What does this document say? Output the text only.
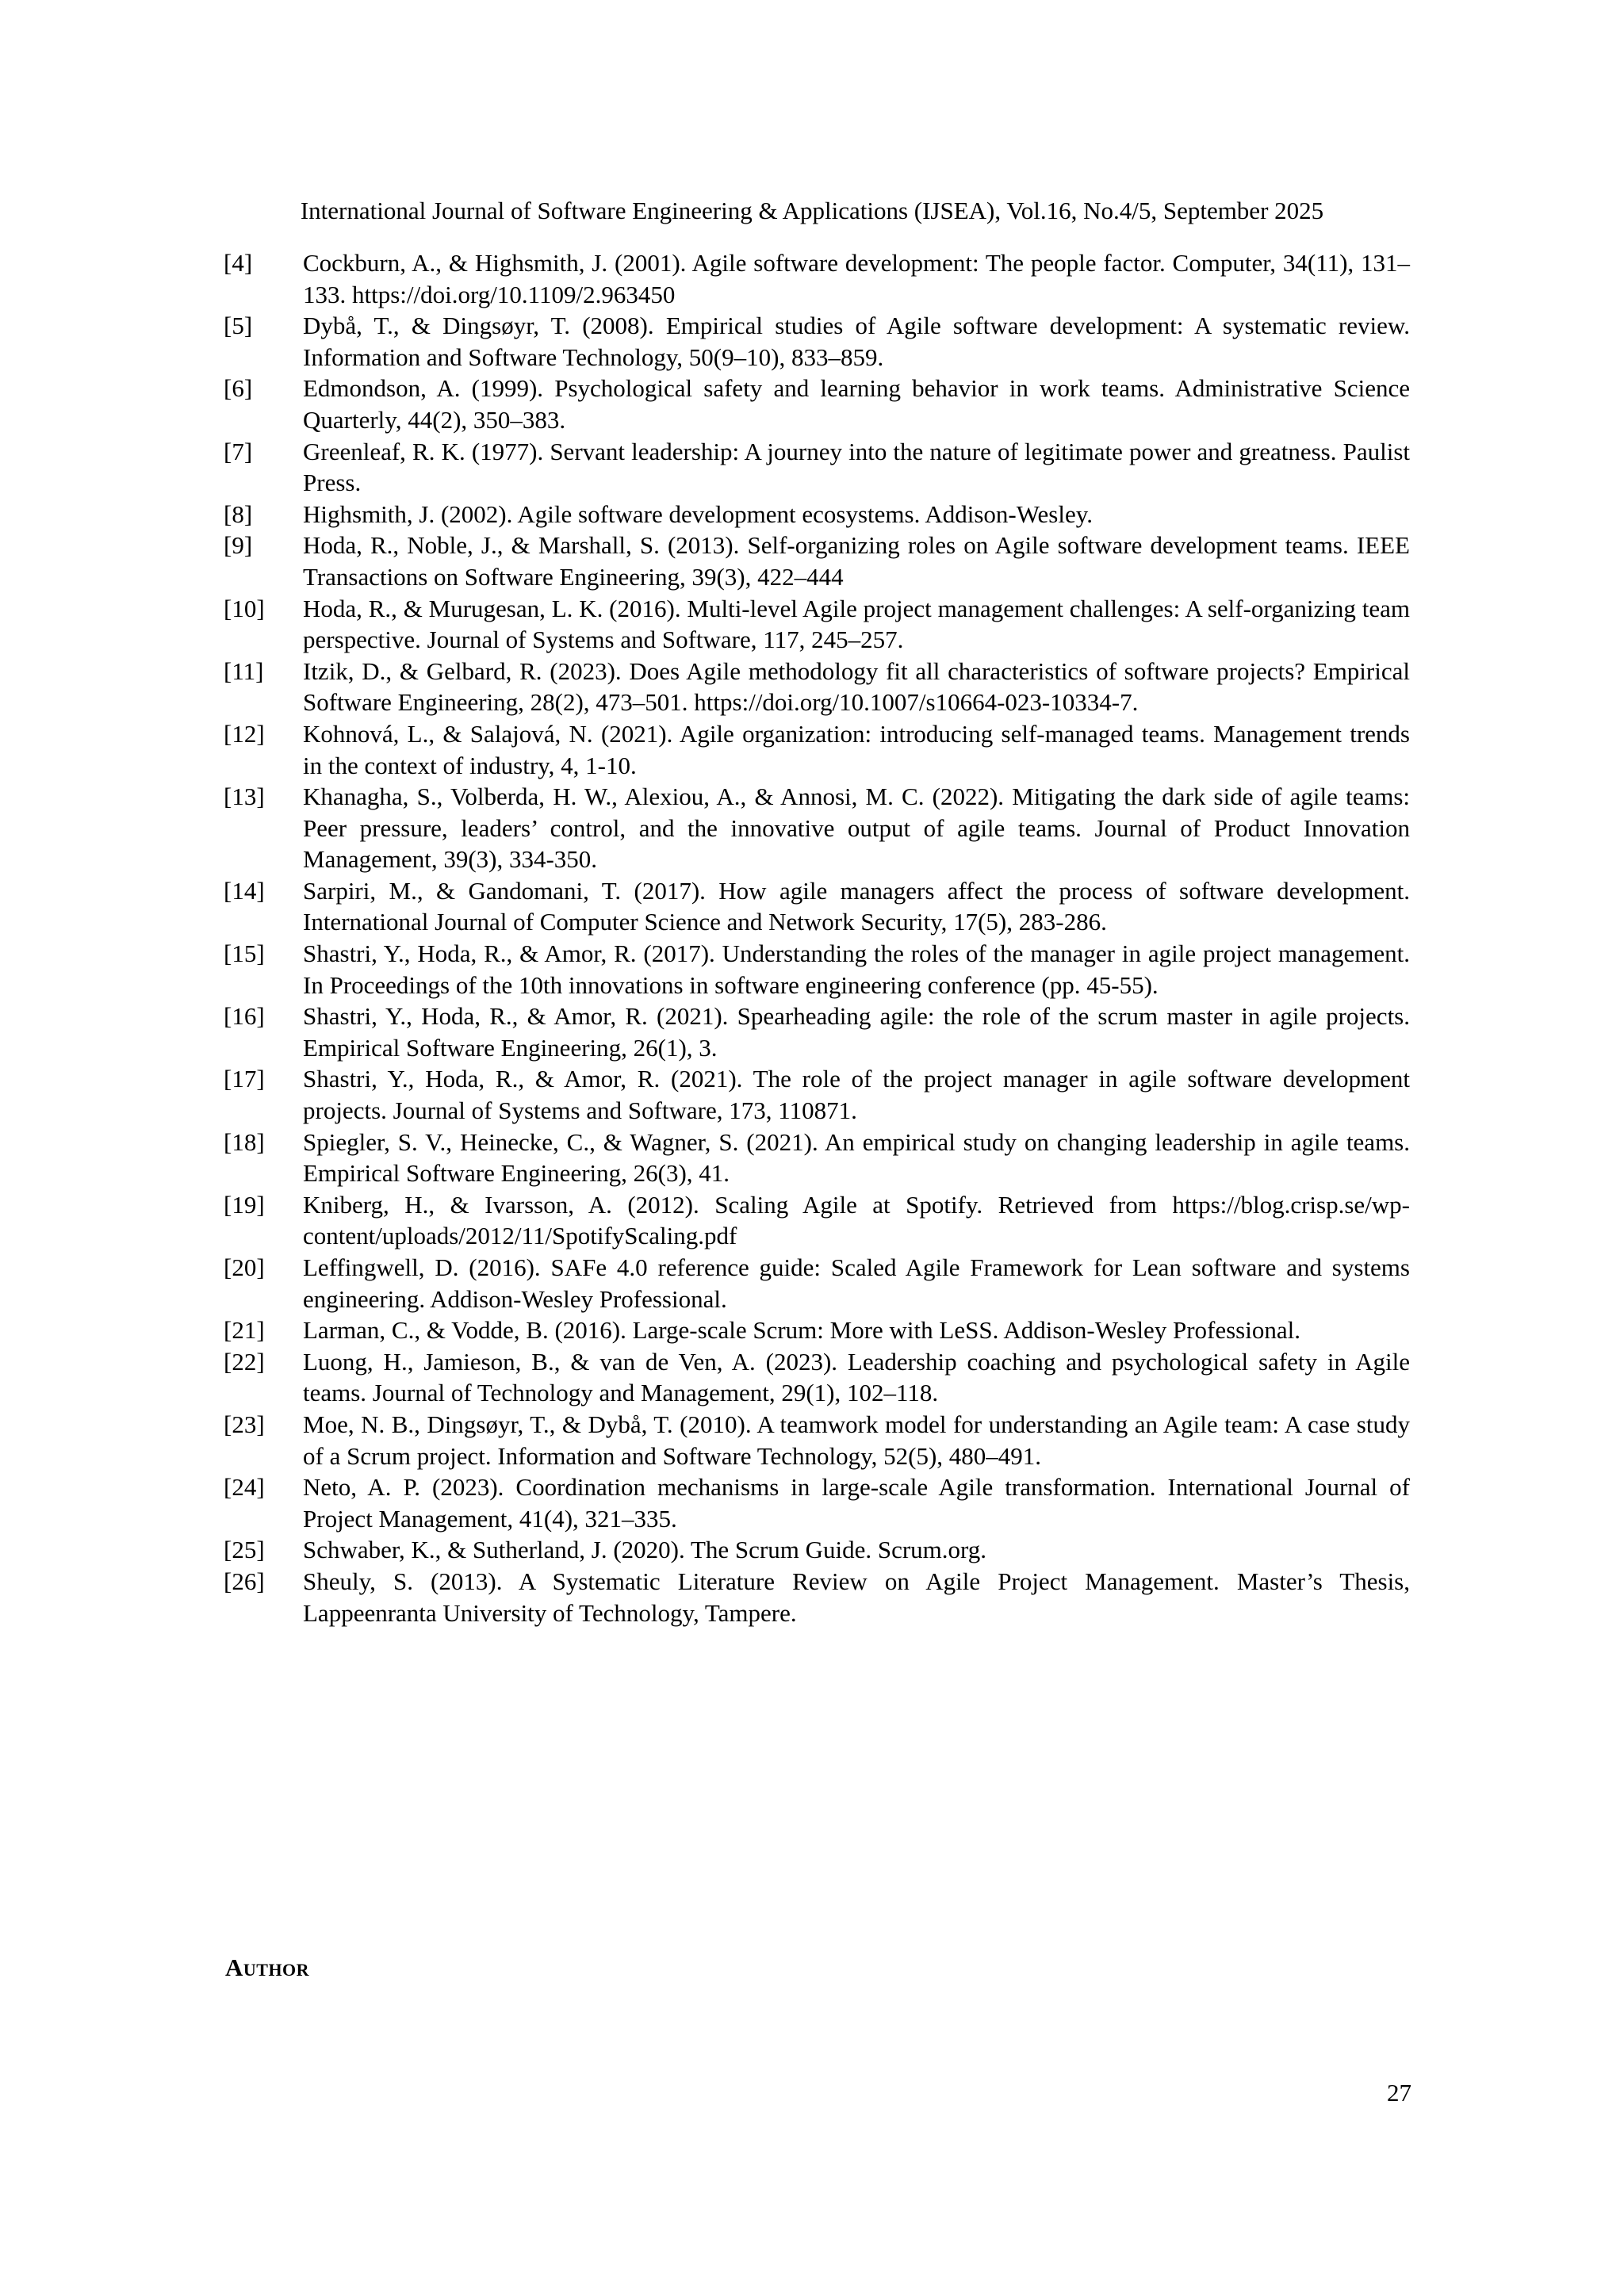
International Journal of Software Engineering & Applications (IJSEA), Vol.16, No.4/5, September 2025
[4] Cockburn, A., & Highsmith, J. (2001). Agile software development: The people factor. Computer, 34(11), 131–133. https://doi.org/10.1109/2.963450
[5] Dybå, T., & Dingsøyr, T. (2008). Empirical studies of Agile software development: A systematic review. Information and Software Technology, 50(9–10), 833–859.
[6] Edmondson, A. (1999). Psychological safety and learning behavior in work teams. Administrative Science Quarterly, 44(2), 350–383.
[7] Greenleaf, R. K. (1977). Servant leadership: A journey into the nature of legitimate power and greatness. Paulist Press.
[8] Highsmith, J. (2002). Agile software development ecosystems. Addison-Wesley.
[9] Hoda, R., Noble, J., & Marshall, S. (2013). Self-organizing roles on Agile software development teams. IEEE Transactions on Software Engineering, 39(3), 422–444
[10] Hoda, R., & Murugesan, L. K. (2016). Multi-level Agile project management challenges: A self-organizing team perspective. Journal of Systems and Software, 117, 245–257.
[11] Itzik, D., & Gelbard, R. (2023). Does Agile methodology fit all characteristics of software projects? Empirical Software Engineering, 28(2), 473–501. https://doi.org/10.1007/s10664-023-10334-7.
[12] Kohnová, L., & Salajová, N. (2021). Agile organization: introducing self-managed teams. Management trends in the context of industry, 4, 1-10.
[13] Khanagha, S., Volberda, H. W., Alexiou, A., & Annosi, M. C. (2022). Mitigating the dark side of agile teams: Peer pressure, leaders’ control, and the innovative output of agile teams. Journal of Product Innovation Management, 39(3), 334-350.
[14] Sarpiri, M., & Gandomani, T. (2017). How agile managers affect the process of software development. International Journal of Computer Science and Network Security, 17(5), 283-286.
[15] Shastri, Y., Hoda, R., & Amor, R. (2017). Understanding the roles of the manager in agile project management. In Proceedings of the 10th innovations in software engineering conference (pp. 45-55).
[16] Shastri, Y., Hoda, R., & Amor, R. (2021). Spearheading agile: the role of the scrum master in agile projects. Empirical Software Engineering, 26(1), 3.
[17] Shastri, Y., Hoda, R., & Amor, R. (2021). The role of the project manager in agile software development projects. Journal of Systems and Software, 173, 110871.
[18] Spiegler, S. V., Heinecke, C., & Wagner, S. (2021). An empirical study on changing leadership in agile teams. Empirical Software Engineering, 26(3), 41.
[19] Kniberg, H., & Ivarsson, A. (2012). Scaling Agile at Spotify. Retrieved from https://blog.crisp.se/wp-content/uploads/2012/11/SpotifyScaling.pdf
[20] Leffingwell, D. (2016). SAFe 4.0 reference guide: Scaled Agile Framework for Lean software and systems engineering. Addison-Wesley Professional.
[21] Larman, C., & Vodde, B. (2016). Large-scale Scrum: More with LeSS. Addison-Wesley Professional.
[22] Luong, H., Jamieson, B., & van de Ven, A. (2023). Leadership coaching and psychological safety in Agile teams. Journal of Technology and Management, 29(1), 102–118.
[23] Moe, N. B., Dingsøyr, T., & Dybå, T. (2010). A teamwork model for understanding an Agile team: A case study of a Scrum project. Information and Software Technology, 52(5), 480–491.
[24] Neto, A. P. (2023). Coordination mechanisms in large-scale Agile transformation. International Journal of Project Management, 41(4), 321–335.
[25] Schwaber, K., & Sutherland, J. (2020). The Scrum Guide. Scrum.org.
[26] Sheuly, S. (2013). A Systematic Literature Review on Agile Project Management. Master’s Thesis, Lappeenranta University of Technology, Tampere.
Author
27
